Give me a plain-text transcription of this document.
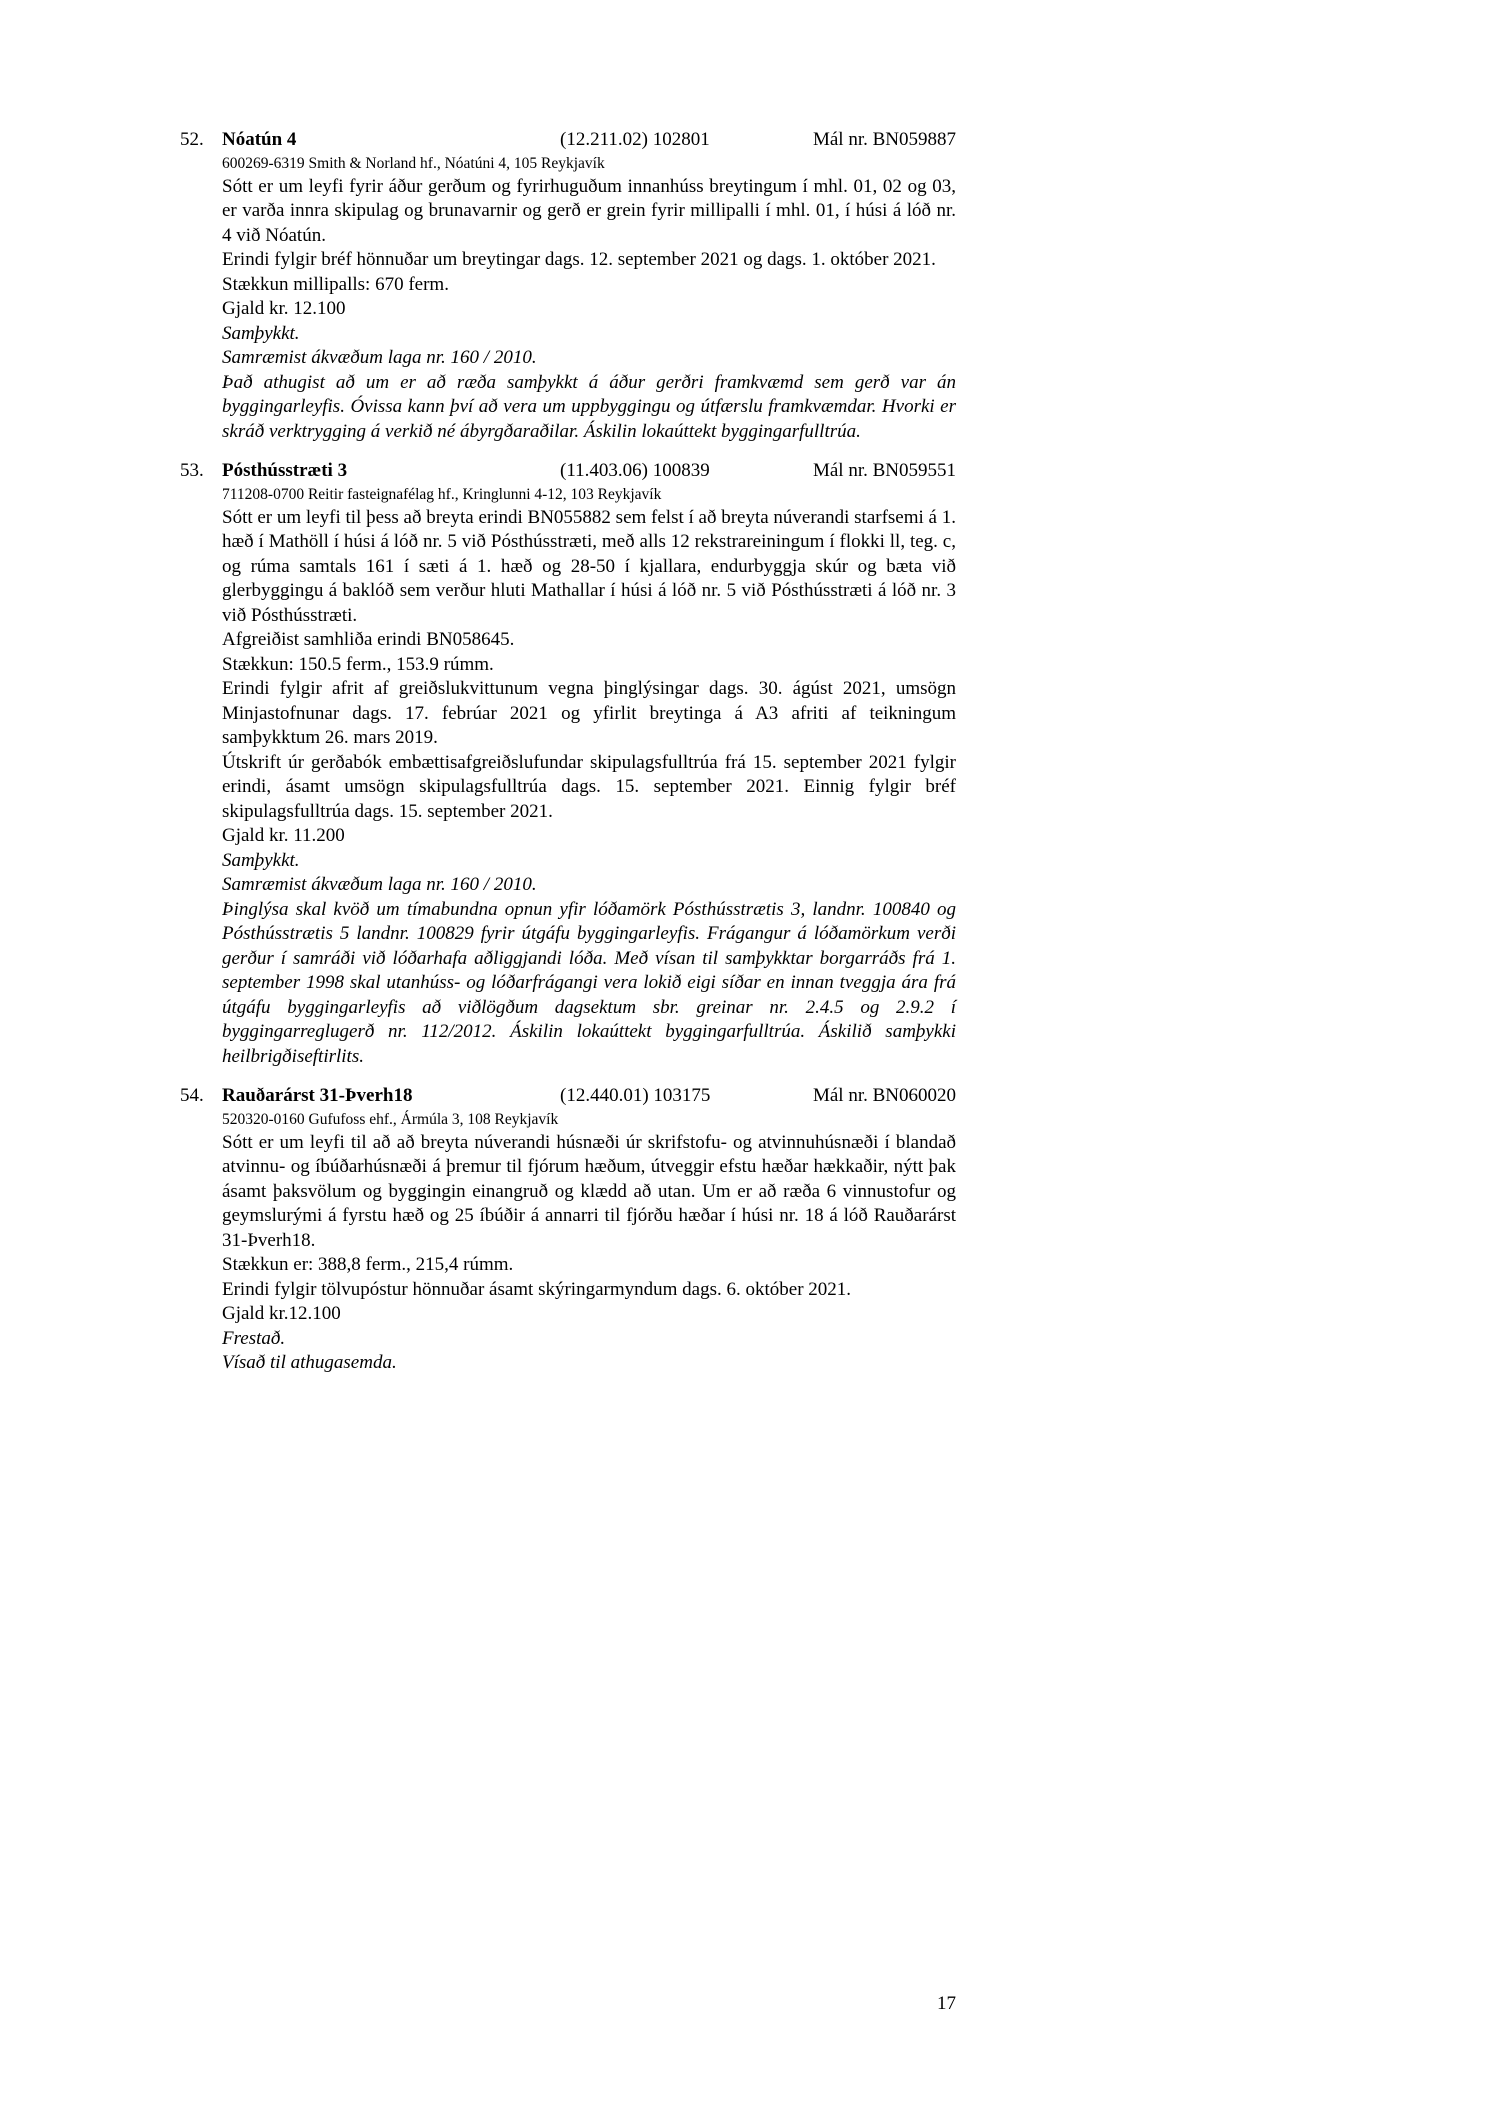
52. Nóatún 4	(12.211.02) 102801	Mál nr. BN059887
600269-6319 Smith & Norland hf., Nóatúni 4, 105 Reykjavík

Sótt er um leyfi fyrir áður gerðum og fyrirhuguðum innanhúss breytingum í mhl. 01, 02 og 03, er varða innra skipulag og brunavarnir og gerð er grein fyrir millipalli í mhl. 01, í húsi á lóð nr. 4 við Nóatún.

Erindi fylgir bréf hönnuðar um breytingar dags. 12. september 2021 og dags. 1. október 2021.

Stækkun millipalls: 670 ferm.

Gjald kr. 12.100

Samþykkt.

Samræmist ákvæðum laga nr. 160 / 2010.

Það athugist að um er að ræða samþykkt á áður gerðri framkvæmd sem gerð var án byggingarleyfis. Óvissa kann því að vera um uppbyggingu og útfærslu framkvæmdar. Hvorki er skráð verktrygging á verkið né ábyrgðaraðilar. Áskilin lokaúttekt byggingarfulltrúa.

53. Pósthússtræti 3	(11.403.06) 100839	Mál nr. BN059551
711208-0700 Reitir fasteignafélag hf., Kringlunni 4-12, 103 Reykjavík

Sótt er um leyfi til þess að breyta erindi BN055882 sem felst í að breyta núverandi starfsemi á 1. hæð í Mathöll í húsi á lóð nr. 5 við Pósthússtræti, með alls 12 rekstrareiningum í flokki ll, teg. c, og rúma samtals 161 í sæti á 1. hæð og 28-50 í kjallara, endurbyggja skúr og bæta við glerbyggingu á baklóð sem verður hluti Mathallar í húsi á lóð nr. 5 við Pósthússtræti á lóð nr. 3 við Pósthússtræti.

Afgreiðist samhliða erindi BN058645.

Stækkun: 150.5 ferm., 153.9 rúmm.

Erindi fylgir afrit af greiðslukvittunum vegna þinglýsingar dags. 30. ágúst 2021, umsögn Minjastofnunar dags. 17. febrúar 2021 og yfirlit breytinga á A3 afriti af teikningum samþykktum 26. mars 2019.

Útskrift úr gerðabók embættisafgreiðslufundar skipulagsfulltrúa frá 15. september 2021 fylgir erindi, ásamt umsögn skipulagsfulltrúa dags. 15. september 2021. Einnig fylgir bréf skipulagsfulltrúa dags. 15. september 2021.

Gjald kr. 11.200

Samþykkt.

Samræmist ákvæðum laga nr. 160 / 2010.

Þinglýsa skal kvöð um tímabundna opnun yfir lóðamörk Pósthússtrætis 3, landnr. 100840 og Pósthússtrætis 5 landnr. 100829 fyrir útgáfu byggingarleyfis. Frágangur á lóðamörkum verði gerður í samráði við lóðarhafa aðliggjandi lóða. Með vísan til samþykktar borgarráðs frá 1. september 1998 skal utanhúss- og lóðarfrágangi vera lokið eigi síðar en innan tveggja ára frá útgáfu byggingarleyfis að viðlögðum dagsektum sbr. greinar nr. 2.4.5 og 2.9.2 í byggingarreglugerð nr. 112/2012. Áskilin lokaúttekt byggingarfulltrúa. Áskilið samþykki heilbrigðiseftirlits.

54. Rauðarárst 31-Þverh18	(12.440.01) 103175	Mál nr. BN060020
520320-0160 Gufufoss ehf., Ármúla 3, 108 Reykjavík

Sótt er um leyfi til að að breyta núverandi húsnæði úr skrifstofu- og atvinnuhúsnæði í blandað atvinnu- og íbúðarhúsnæði á þremur til fjórum hæðum, útveggir efstu hæðar hækkaðir, nýtt þak ásamt þaksvölum og byggingin einangruð og klædd að utan. Um er að ræða 6 vinnustofur og geymslurými á fyrstu hæð og 25 íbúðir á annarri til fjórðu hæðar í húsi nr. 18 á lóð Rauðarárst 31-Þverh18.

Stækkun er: 388,8 ferm., 215,4 rúmm.

Erindi fylgir tölvupóstur hönnuðar ásamt skýringarmyndum dags. 6. október 2021.

Gjald kr.12.100

Frestað.

Vísað til athugasemda.

17
